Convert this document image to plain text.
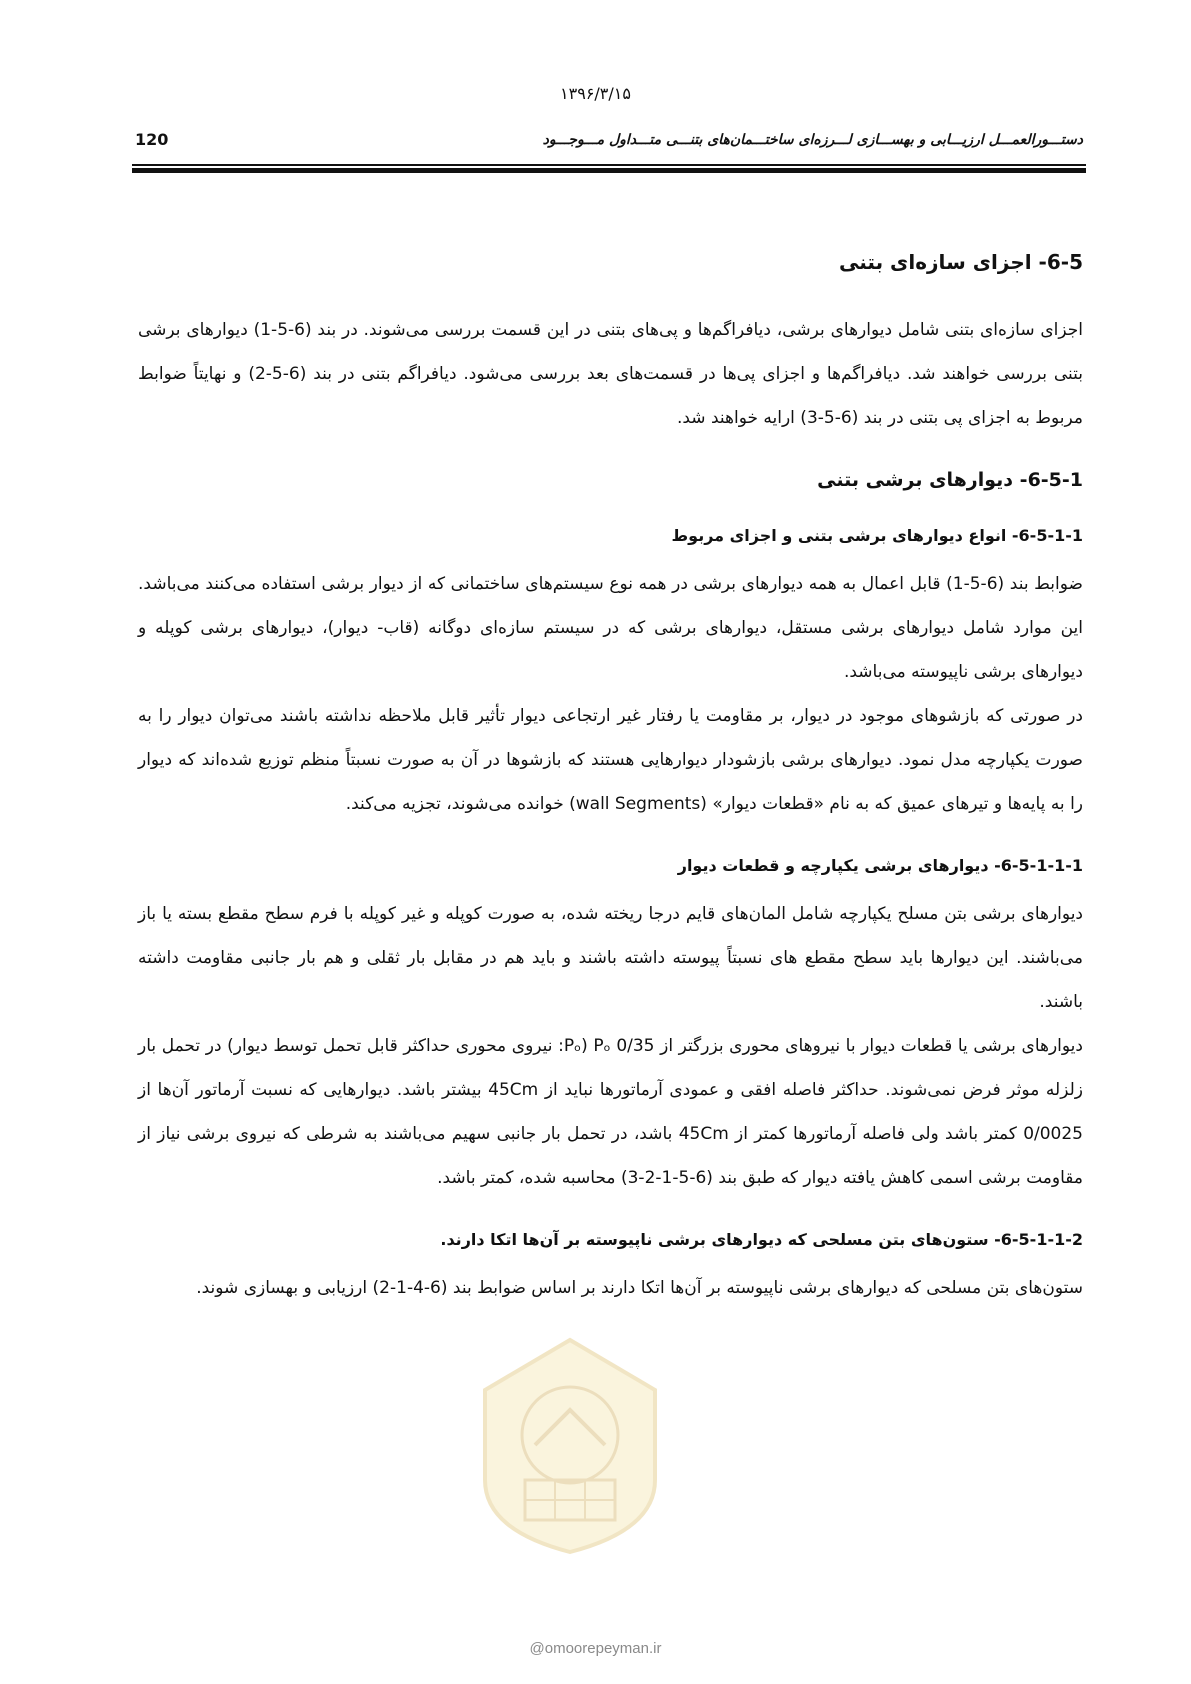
۱۳۹۶/۳/۱۵
دستـــورالعمـــل ارزیـــابی و بهســـازی لـــرزه‌ای ساختـــمان‌های بتنـــی متـــداول مـــوجـــود
120
6-5- اجزای سازه‌ای بتنی

اجزای سازه‌ای بتنی شامل دیوارهای برشی، دیافراگم‌ها و پی‌های بتنی در این قسمت بررسی می‌شوند. در بند (6-5-1) دیوارهای برشی بتنی بررسی خواهند شد. دیافراگم‌ها و اجزای پی‌ها در قسمت‌های بعد بررسی می‌شود. دیافراگم بتنی در بند (6-5-2) و نهایتاً ضوابط مربوط به اجزای پی بتنی در بند (6-5-3) ارایه خواهند شد.

6-5-1- دیوارهای برشی بتنی
6-5-1-1- انواع دیوارهای برشی بتنی و اجزای مربوط

ضوابط بند (6-5-1) قابل اعمال به همه دیوارهای برشی در همه نوع سیستم‌های ساختمانی که از دیوار برشی استفاده می‌کنند می‌باشد. این موارد شامل دیوارهای برشی مستقل، دیوارهای برشی که در سیستم سازه‌ای دوگانه (قاب- دیوار)، دیوارهای برشی کوپله و دیوارهای برشی ناپیوسته می‌باشد.

در صورتی که بازشوهای موجود در دیوار، بر مقاومت یا رفتار غیر ارتجاعی دیوار تأثیر قابل ملاحظه نداشته باشند می‌توان دیوار را به صورت یکپارچه مدل نمود. دیوارهای برشی بازشودار دیوارهایی هستند که بازشوها در آن به صورت نسبتاً منظم توزیع شده‌اند که دیوار را به پایه‌ها و تیرهای عمیق که به نام «قطعات دیوار» (wall Segments) خوانده می‌شوند، تجزیه می‌کند.

6-5-1-1-1- دیوارهای برشی یکپارچه و قطعات دیوار

دیوارهای برشی بتن مسلح یکپارچه شامل المان‌های قایم درجا ریخته شده، به صورت کوپله و غیر کوپله با فرم سطح مقطع بسته یا باز می‌باشند. این دیوارها باید سطح مقطع های نسبتاً پیوسته داشته باشند و باید هم در مقابل بار ثقلی و هم بار جانبی مقاومت داشته باشند.

دیوارهای برشی یا قطعات دیوار با نیروهای محوری بزرگتر از 0/35 Pₒ (Pₒ: نیروی محوری حداکثر قابل تحمل توسط دیوار) در تحمل بار زلزله موثر فرض نمی‌شوند. حداکثر فاصله افقی و عمودی آرماتورها نباید از 45Cm بیشتر باشد. دیوارهایی که نسبت آرماتور آن‌ها از 0/0025 کمتر باشد ولی فاصله آرماتورها کمتر از 45Cm باشد، در تحمل بار جانبی سهیم می‌باشند به شرطی که نیروی برشی نیاز از مقاومت برشی اسمی کاهش یافته دیوار که طبق بند (6-5-1-2-3) محاسبه شده، کمتر باشد.

6-5-1-1-2- ستون‌های بتن مسلحی که دیوارهای برشی ناپیوسته بر آن‌ها اتکا دارند.

ستون‌های بتن مسلحی که دیوارهای برشی ناپیوسته بر آن‌ها اتکا دارند بر اساس ضوابط بند (6-4-1-2) ارزیابی و بهسازی شوند.

@omoorepeyman.ir
